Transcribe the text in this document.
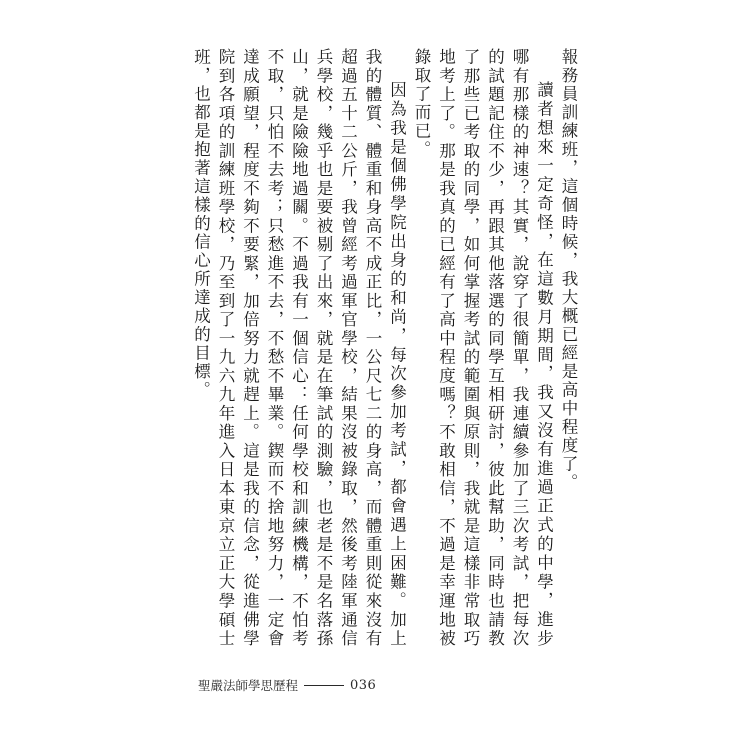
報務員訓練班，這個時候，我大概已經是高中程度了。

讀者想來一定奇怪，在這數月期間，我又沒有進過正式的中學，進步哪有那樣的神速？其實，說穿了很簡單，我連續參加了三次考試，把每次的試題記住不少，再跟其他落選的同學互相研討，彼此幫助，同時也請教了那些已考取的同學，如何掌握考試的範圍與原則，我就是這樣非常取巧地考上了。那是我真的已經有了高中程度嗎？不敢相信，不過是幸運地被錄取了而已。

因為我是個佛學院出身的和尚，每次參加考試，都會遇上困難。加上我的體質、體重和身高不成正比，一公尺七二的身高，而體重則從來沒有超過五十二公斤，我曾經考過軍官學校，結果沒被錄取，然後考陸軍通信兵學校，幾乎也是要被剔了出來，就是在筆試的測驗，也老是不是名落孫山，就是險險地過關。不過我有一個信心：任何學校和訓練機構，不怕考不取，只怕不去考；只愁進不去，不愁不畢業。鍥而不捨地努力，一定會達成願望，程度不夠不要緊，加倍努力就趕上。這是我的信念，從進佛學院到各項的訓練班學校，乃至到了一九六九年進入日本東京立正大學碩士班，也都是抱著這樣的信心所達成的目標。

聖嚴法師學思歷程	036
